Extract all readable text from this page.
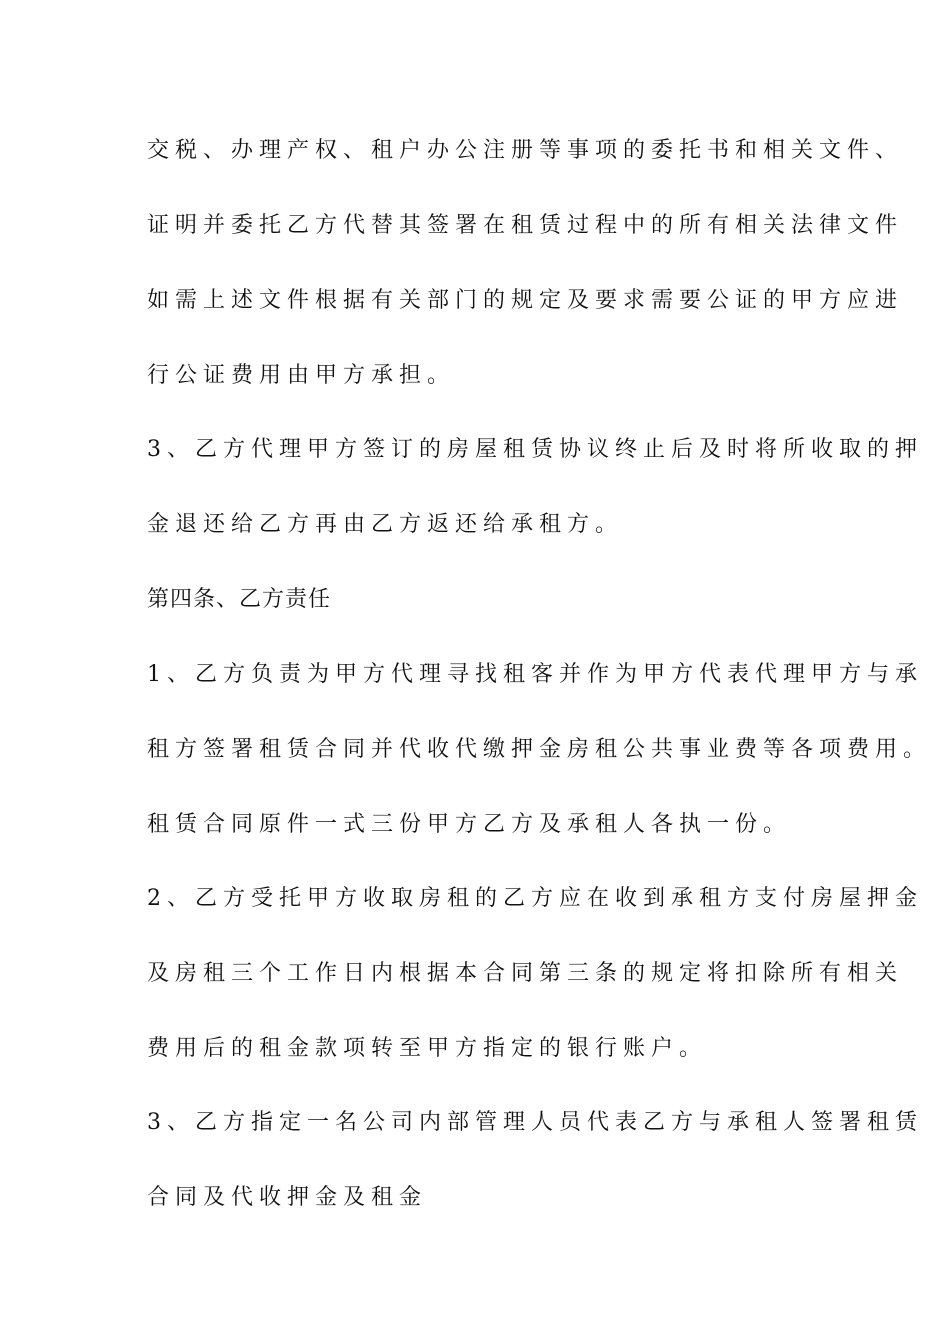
交税、办理产权、租户办公注册等事项的委托书和相关文件、

证明并委托乙方代替其签署在租赁过程中的所有相关法律文件

如需上述文件根据有关部门的规定及要求需要公证的甲方应进

行公证费用由甲方承担。

3、乙方代理甲方签订的房屋租赁协议终止后及时将所收取的押

金退还给乙方再由乙方返还给承租方。

第四条、乙方责任

1、乙方负责为甲方代理寻找租客并作为甲方代表代理甲方与承

租方签署租赁合同并代收代缴押金房租公共事业费等各项费用。

租赁合同原件一式三份甲方乙方及承租人各执一份。

2、乙方受托甲方收取房租的乙方应在收到承租方支付房屋押金

及房租三个工作日内根据本合同第三条的规定将扣除所有相关

费用后的租金款项转至甲方指定的银行账户。

3、乙方指定一名公司内部管理人员代表乙方与承租人签署租赁

合同及代收押金及租金
